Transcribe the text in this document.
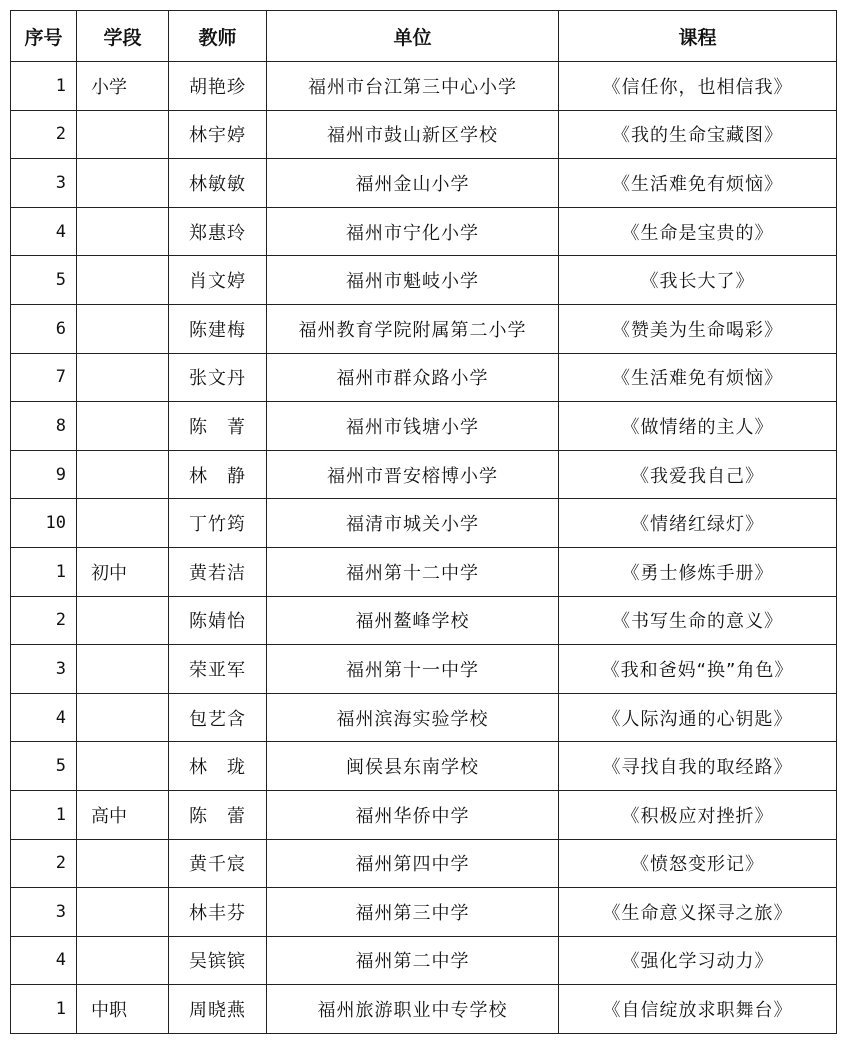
序号	学段	教师	单位	课程
1	小学	胡艳珍	福州市台江第三中心小学	《信任你，也相信我》
2		林宇婷	福州市鼓山新区学校	《我的生命宝藏图》
3		林敏敏	福州金山小学	《生活难免有烦恼》
4		郑惠玲	福州市宁化小学	《生命是宝贵的》
5		肖文婷	福州市魁岐小学	《我长大了》
6		陈建梅	福州教育学院附属第二小学	《赞美为生命喝彩》
7		张文丹	福州市群众路小学	《生活难免有烦恼》
8		陈　菁	福州市钱塘小学	《做情绪的主人》
9		林　静	福州市晋安榕博小学	《我爱我自己》
10		丁竹筠	福清市城关小学	《情绪红绿灯》
1	初中	黄若洁	福州第十二中学	《勇士修炼手册》
2		陈婧怡	福州鳌峰学校	《书写生命的意义》
3		荣亚军	福州第十一中学	《我和爸妈“换”角色》
4		包艺含	福州滨海实验学校	《人际沟通的心钥匙》
5		林　珑	闽侯县东南学校	《寻找自我的取经路》
1	高中	陈　蕾	福州华侨中学	《积极应对挫折》
2		黄千宸	福州第四中学	《愤怒变形记》
3		林丰芬	福州第三中学	《生命意义探寻之旅》
4		吴镔镔	福州第二中学	《强化学习动力》
1	中职	周晓燕	福州旅游职业中专学校	《自信绽放求职舞台》
